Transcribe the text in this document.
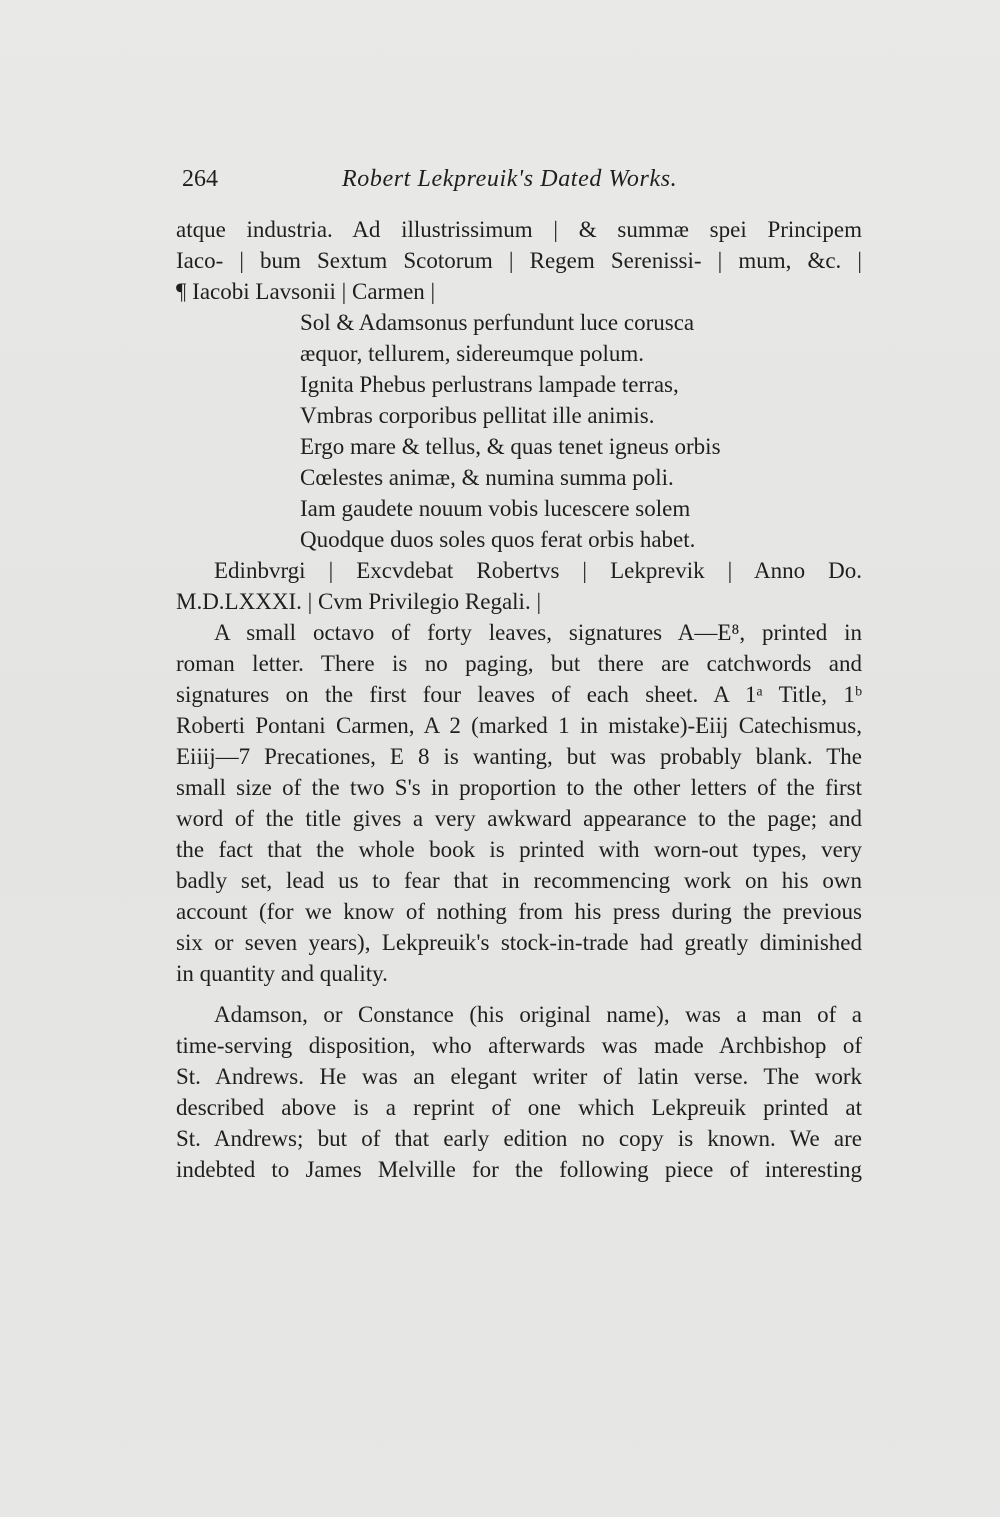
264	Robert Lekpreuik's Dated Works.
atque industria. Ad illustrissimum | & summæ spei Principem
Iaco- | bum Sextum Scotorum | Regem Serenissi- | mum, &c. |
¶ Iacobi Lavsonii | Carmen |
Sol & Adamsonus perfundunt luce corusca
æquor, tellurem, sidereumque polum.
Ignita Phebus perlustrans lampade terras,
Vmbras corporibus pellitat ille animis.
Ergo mare & tellus, & quas tenet igneus orbis
Cœlestes animæ, & numina summa poli.
Iam gaudete nouum vobis lucescere solem
Quodque duos soles quos ferat orbis habet.
Edinbvrgi | Excvdebat Robertvs | Lekprevik | Anno Do.
M.D.LXXXI. | Cvm Privilegio Regali. |
A small octavo of forty leaves, signatures A—E⁸, printed in
roman letter. There is no paging, but there are catchwords and
signatures on the first four leaves of each sheet. A 1ᵃ Title, 1ᵇ
Roberti Pontani Carmen, A 2 (marked 1 in mistake)-Eiij Catechismus,
Eiiij—7 Precationes, E 8 is wanting, but was probably blank. The
small size of the two S's in proportion to the other letters of the first
word of the title gives a very awkward appearance to the page; and
the fact that the whole book is printed with worn-out types, very
badly set, lead us to fear that in recommencing work on his own
account (for we know of nothing from his press during the previous
six or seven years), Lekpreuik's stock-in-trade had greatly diminished
in quantity and quality.
Adamson, or Constance (his original name), was a man of a
time-serving disposition, who afterwards was made Archbishop of
St. Andrews. He was an elegant writer of latin verse. The work
described above is a reprint of one which Lekpreuik printed at
St. Andrews; but of that early edition no copy is known. We are
indebted to James Melville for the following piece of interesting
